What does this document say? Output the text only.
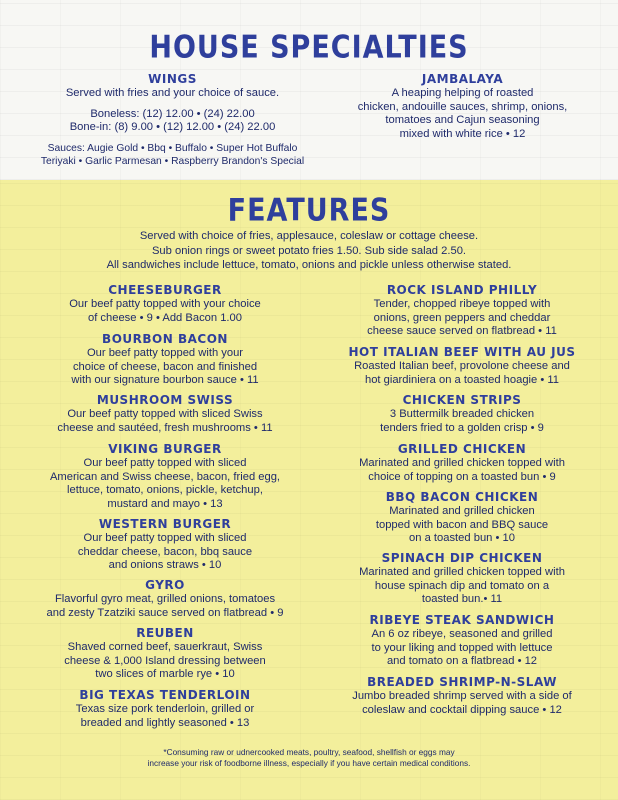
HOUSE SPECIALTIES
WINGS
Served with fries and your choice of sauce.
Boneless: (12) 12.00 • (24) 22.00
Bone-in: (8) 9.00 • (12) 12.00 • (24) 22.00
Sauces: Augie Gold • Bbq • Buffalo • Super Hot Buffalo
Teriyaki • Garlic Parmesan • Raspberry Brandon's Special
JAMBALAYA
A heaping helping of roasted
chicken, andouille sauces, shrimp, onions,
tomatoes and Cajun seasoning
mixed with white rice • 12
FEATURES
Served with choice of fries, applesauce, coleslaw or cottage cheese.
Sub onion rings or sweet potato fries 1.50. Sub side salad 2.50.
All sandwiches include lettuce, tomato, onions and pickle unless otherwise stated.
CHEESEBURGER
Our beef patty topped with your choice
of cheese • 9 • Add Bacon 1.00
BOURBON BACON
Our beef patty topped with your
choice of cheese, bacon and finished
with our signature bourbon sauce • 11
MUSHROOM SWISS
Our beef patty topped with sliced Swiss
cheese and sautéed, fresh mushrooms • 11
VIKING BURGER
Our beef patty topped with sliced
American and Swiss cheese, bacon, fried egg,
lettuce, tomato, onions, pickle, ketchup,
mustard and mayo • 13
WESTERN BURGER
Our beef patty topped with sliced
cheddar cheese, bacon, bbq sauce
and onions straws • 10
GYRO
Flavorful gyro meat, grilled onions, tomatoes
and zesty Tzatziki sauce served on flatbread • 9
REUBEN
Shaved corned beef, sauerkraut, Swiss
cheese & 1,000 Island dressing between
two slices of marble rye • 10
BIG TEXAS TENDERLOIN
Texas size pork tenderloin, grilled or
breaded and lightly seasoned • 13
ROCK ISLAND PHILLY
Tender, chopped ribeye topped with
onions, green peppers and cheddar
cheese sauce served on flatbread • 11
HOT ITALIAN BEEF WITH AU JUS
Roasted Italian beef, provolone cheese and
hot giardiniera on a toasted hoagie • 11
CHICKEN STRIPS
3 Buttermilk breaded chicken
tenders fried to a golden crisp • 9
GRILLED CHICKEN
Marinated and grilled chicken topped with
choice of topping on a toasted bun • 9
BBQ BACON CHICKEN
Marinated and grilled chicken
topped with bacon and BBQ sauce
on a toasted bun • 10
SPINACH DIP CHICKEN
Marinated and grilled chicken topped with
house spinach dip and tomato on a
toasted bun.• 11
RIBEYE STEAK SANDWICH
An 6 oz ribeye, seasoned and grilled
to your liking and topped with lettuce
and tomato on a flatbread • 12
BREADED SHRIMP-N-SLAW
Jumbo breaded shrimp served with a side of
coleslaw and cocktail dipping sauce • 12
*Consuming raw or udnercooked meats, poultry, seafood, shellfish or eggs may
increase your risk of foodborne illness, especially if you have certain medical conditions.
